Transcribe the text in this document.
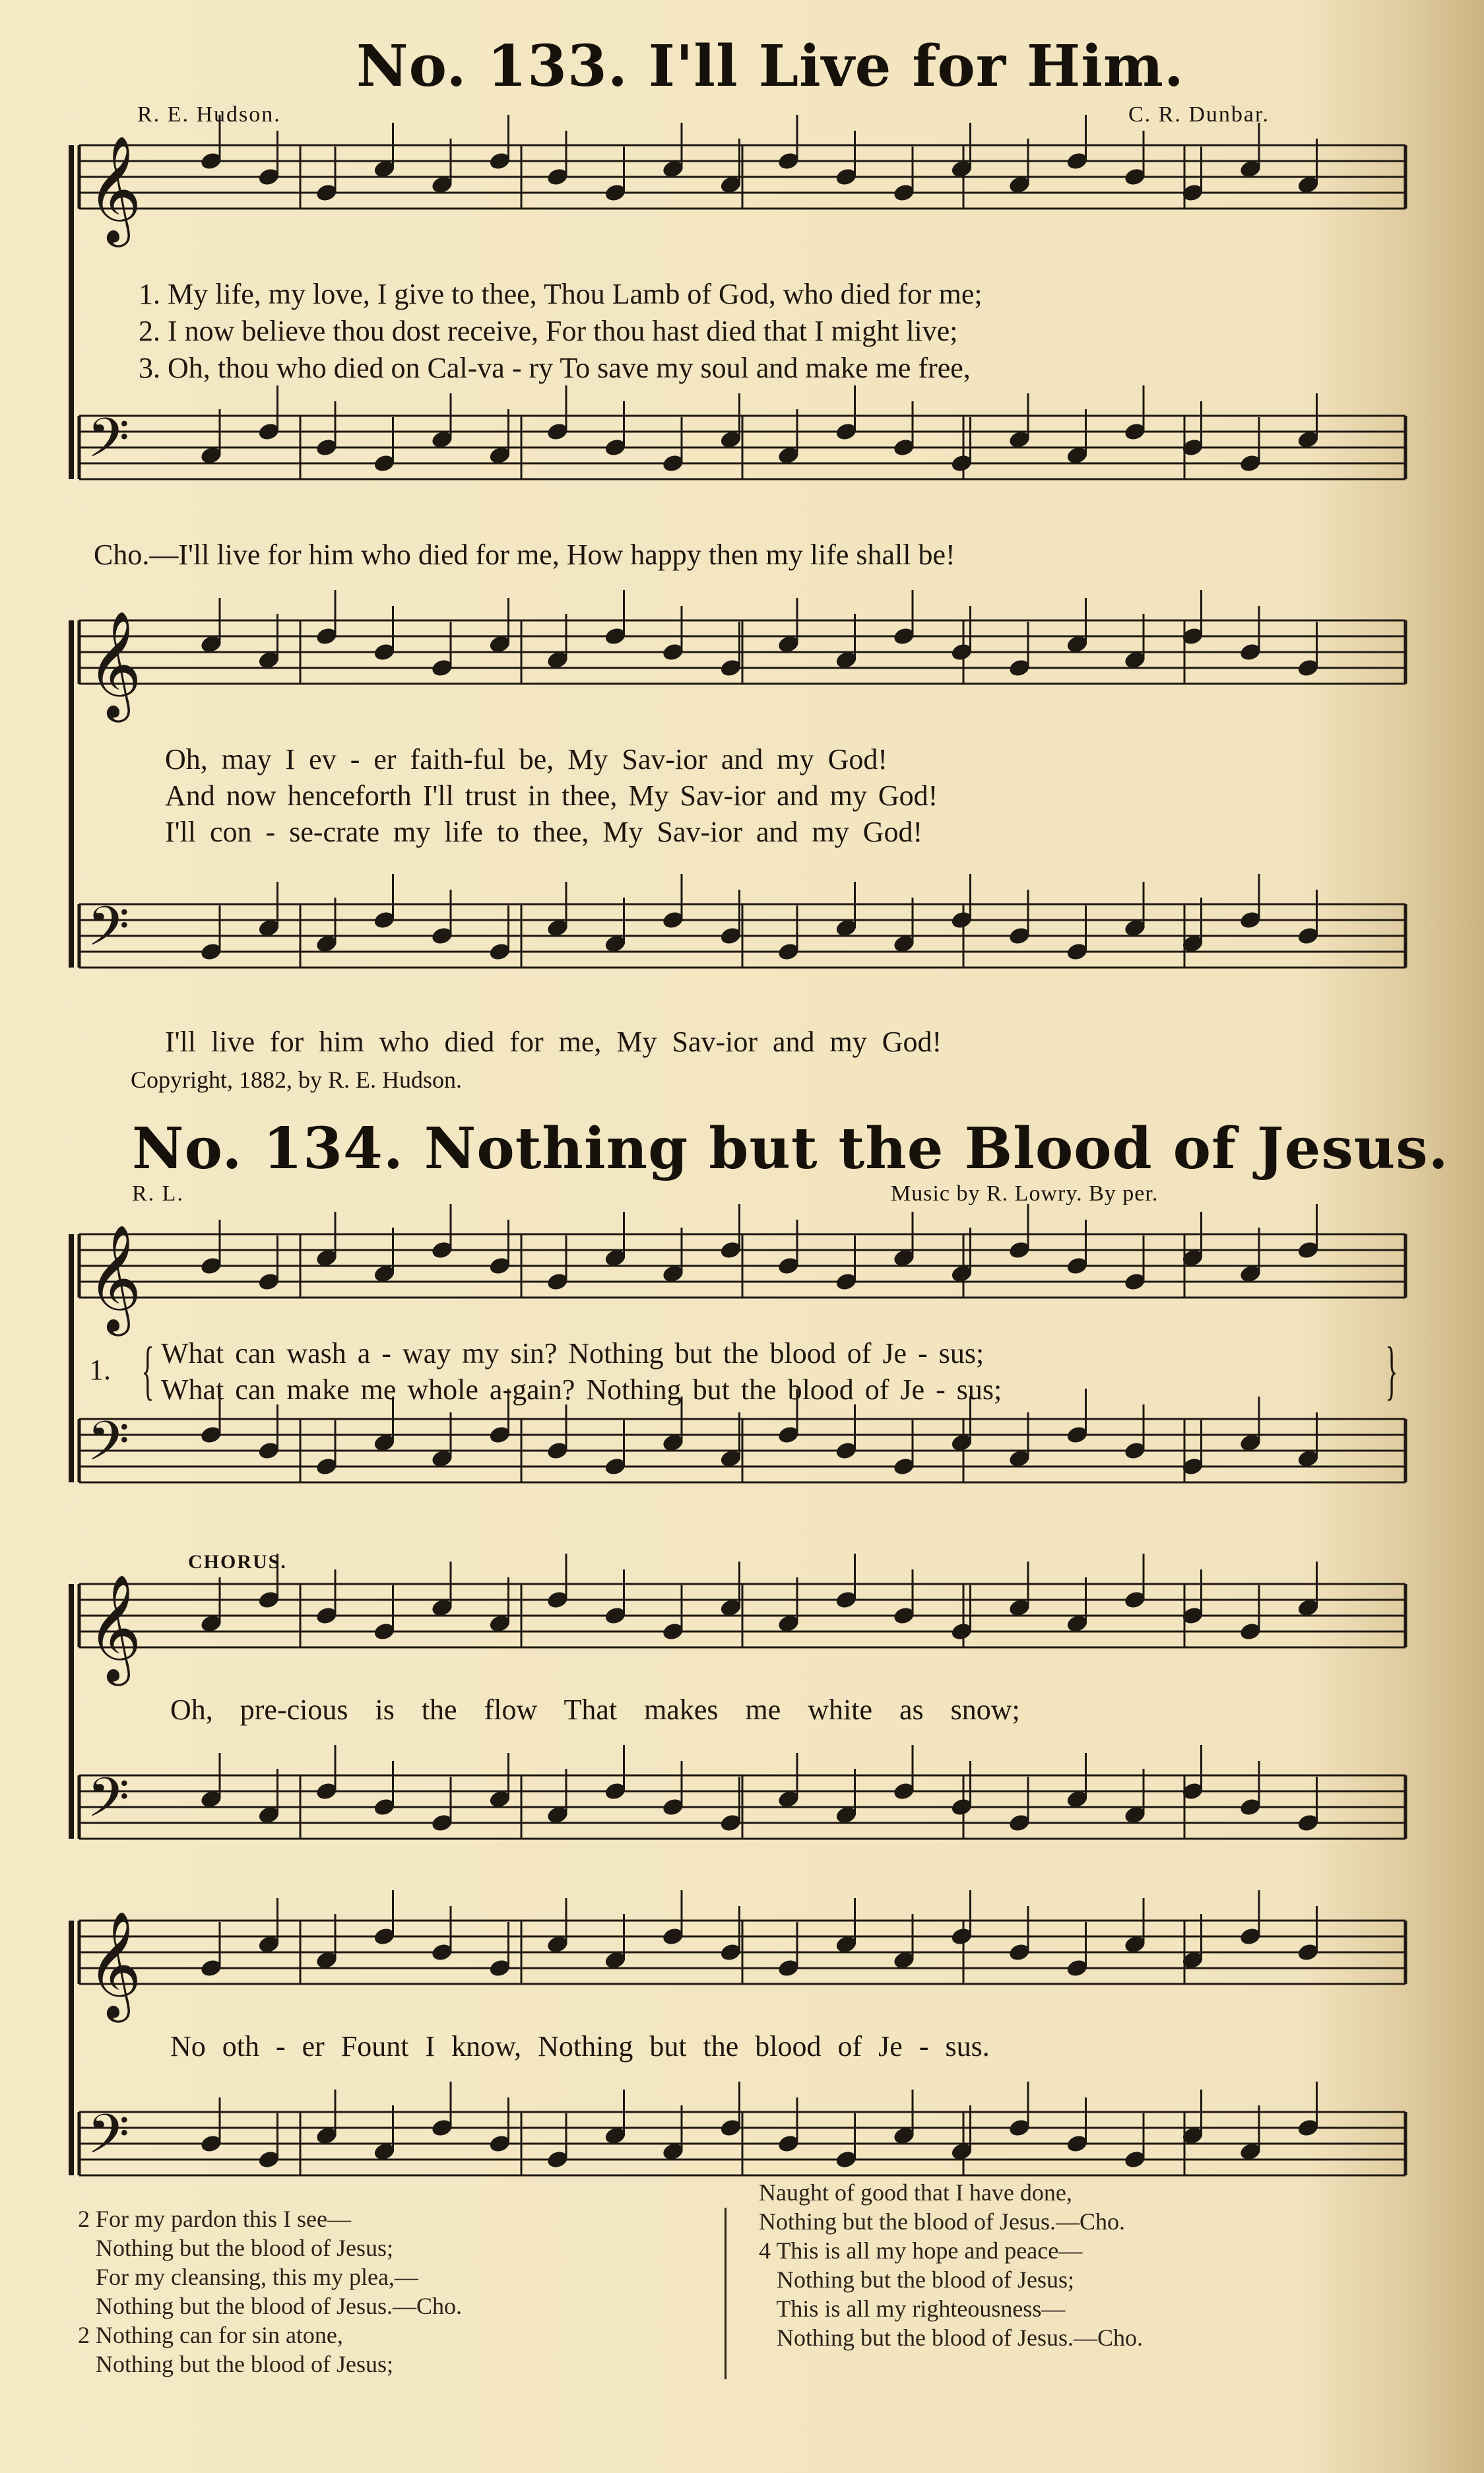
No. 133. I'll Live for Him.
R. E. Hudson.	C. R. Dunbar.
𝄞
𝄢
𝄞
𝄢
𝄞
𝄢
𝄞
𝄢
𝄞
𝄢
1. My life, my love, I give to thee, Thou Lamb of God, who died for me;
2. I now believe thou dost receive, For thou hast died that I might live;
3. Oh, thou who died on Cal-va - ry To save my soul and make me free,
Cho.—I'll live for him who died for me, How happy then my life shall be!
Oh, may I ev - er faith-ful be, My Sav-ior and my God!
And now henceforth I'll trust in thee, My Sav-ior and my God!
I'll con - se-crate my life to thee, My Sav-ior and my God!
I'll live for him who died for me, My Sav-ior and my God!
Copyright, 1882, by R. E. Hudson.
No. 134. Nothing but the Blood of Jesus.
R. L.	Music by R. Lowry. By per.
1. { What can wash a - way my sin? Nothing but the blood of Je - sus;
What can make me whole a-gain? Nothing but the blood of Je - sus;	}
CHORUS.
Oh, pre-cious is the flow That makes me white as snow;
No oth - er Fount I know, Nothing but the blood of Je - sus.
2 For my pardon this I see—
Nothing but the blood of Jesus;
For my cleansing, this my plea,—
Nothing but the blood of Jesus.—Cho.
2 Nothing can for sin atone,
Nothing but the blood of Jesus;
Naught of good that I have done,
Nothing but the blood of Jesus.—Cho.
4 This is all my hope and peace—
Nothing but the blood of Jesus;
This is all my righteousness—
Nothing but the blood of Jesus.—Cho.
